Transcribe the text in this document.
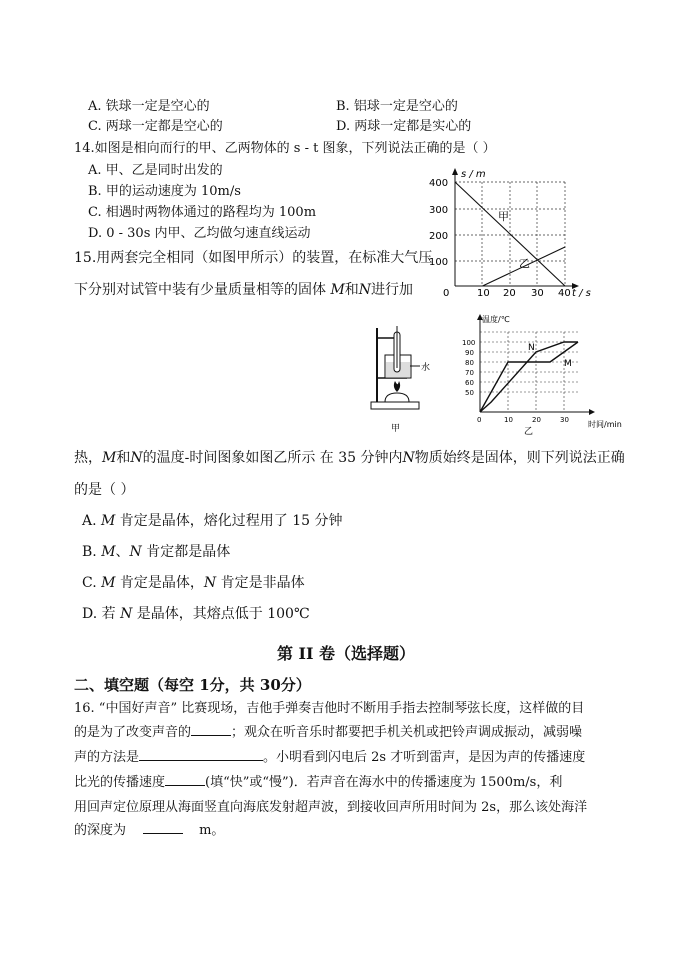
A. 铁球一定是空心的	B. 铝球一定是空心的
C. 两球一定都是空心的	D. 两球一定都是实心的
14.如图是相向而行的甲、乙两物体的 s - t 图象，下列说法正确的是（ ）
A. 甲、乙是同时出发的
B. 甲的运动速度为 10m/s
C. 相遇时两物体通过的路程均为 100m
D. 0 - 30s 内甲、乙均做匀速直线运动
s / m
t / s
400
300
200
100
0	10 20 30 40
甲
乙
15.用两套完全相同（如图甲所示）的装置，在标准大气压
下分别对试管中装有少量质量相等的固体 M和N进行加
水
甲
温度/℃
时间/min
100
90
80
70
60
50
0	10	20	30
N
M
乙
热，M和N的温度-时间图象如图乙所示 在 35 分钟内N物质始终是固体，则下列说法正确
的是（ ）
A. M 肯定是晶体，熔化过程用了 15 分钟
B. M、N 肯定都是晶体
C. M 肯定是晶体，N 肯定是非晶体
D. 若 N 是晶体，其熔点低于 100℃
第 II 卷（选择题）
二、填空题（每空 1分，共 30分）
16. “中国好声音” 比赛现场，吉他手弹奏吉他时不断用手指去控制琴弦长度，这样做的目
的是为了改变声音的	；观众在听音乐时都要把手机关机或把铃声调成振动，减弱噪
声的方法是	。小明看到闪电后 2s 才听到雷声，是因为声的传播速度
比光的传播速度	(填“快”或“慢”)．若声音在海水中的传播速度为 1500m/s，利
用回声定位原理从海面竖直向海底发射超声波，到接收回声所用时间为 2s，那么该处海洋
的深度为	m。
